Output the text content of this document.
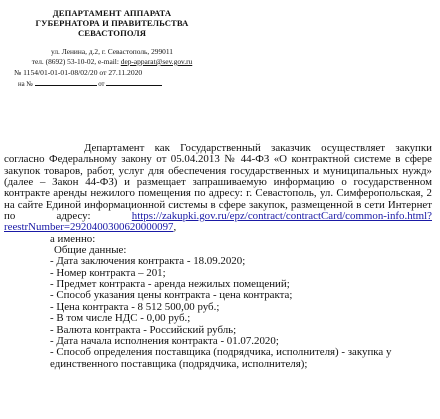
ДЕПАРТАМЕНТ АППАРАТА
ГУБЕРНАТОРА И ПРАВИТЕЛЬСТВА
СЕВАСТОПОЛЯ
ул. Ленина, д.2, г. Севастополь, 299011
тел. (8692) 53-10-02, e-mail: dep-apparat@sev.gov.ru
№ 1154/01-01-01-08/02/20 от 27.11.2020
на №	от
Департамент как Государственный заказчик осуществляет закупки согласно Федеральному закону от 05.04.2013 № 44-ФЗ «О контрактной системе в сфере закупок товаров, работ, услуг для обеспечения государственных и муниципальных нужд» (далее – Закон 44-ФЗ) и размещает запрашиваемую информацию о государственном контракте аренды нежилого помещения по адресу: г. Севастополь, ул. Симферопольская, 2 на сайте Единой информационной системы в сфере закупок, размещенной в сети Интернет по адресу:	https://zakupki.gov.ru/epz/contract/contractCard/common-info.html?reestrNumber=2920400300620000097,
а именно:
Общие данные:
- Дата заключения контракта - 18.09.2020;
- Номер контракта – 201;
- Предмет контракта - аренда нежилых помещений;
- Способ указания цены контракта - цена контракта;
- Цена контракта - 8 512 500,00 руб.;
- В том числе НДС - 0,00 руб.;
- Валюта контракта - Российский рубль;
- Дата начала исполнения контракта - 01.07.2020;
- Способ определения поставщика (подрядчика, исполнителя) - закупка у единственного поставщика (подрядчика, исполнителя);
